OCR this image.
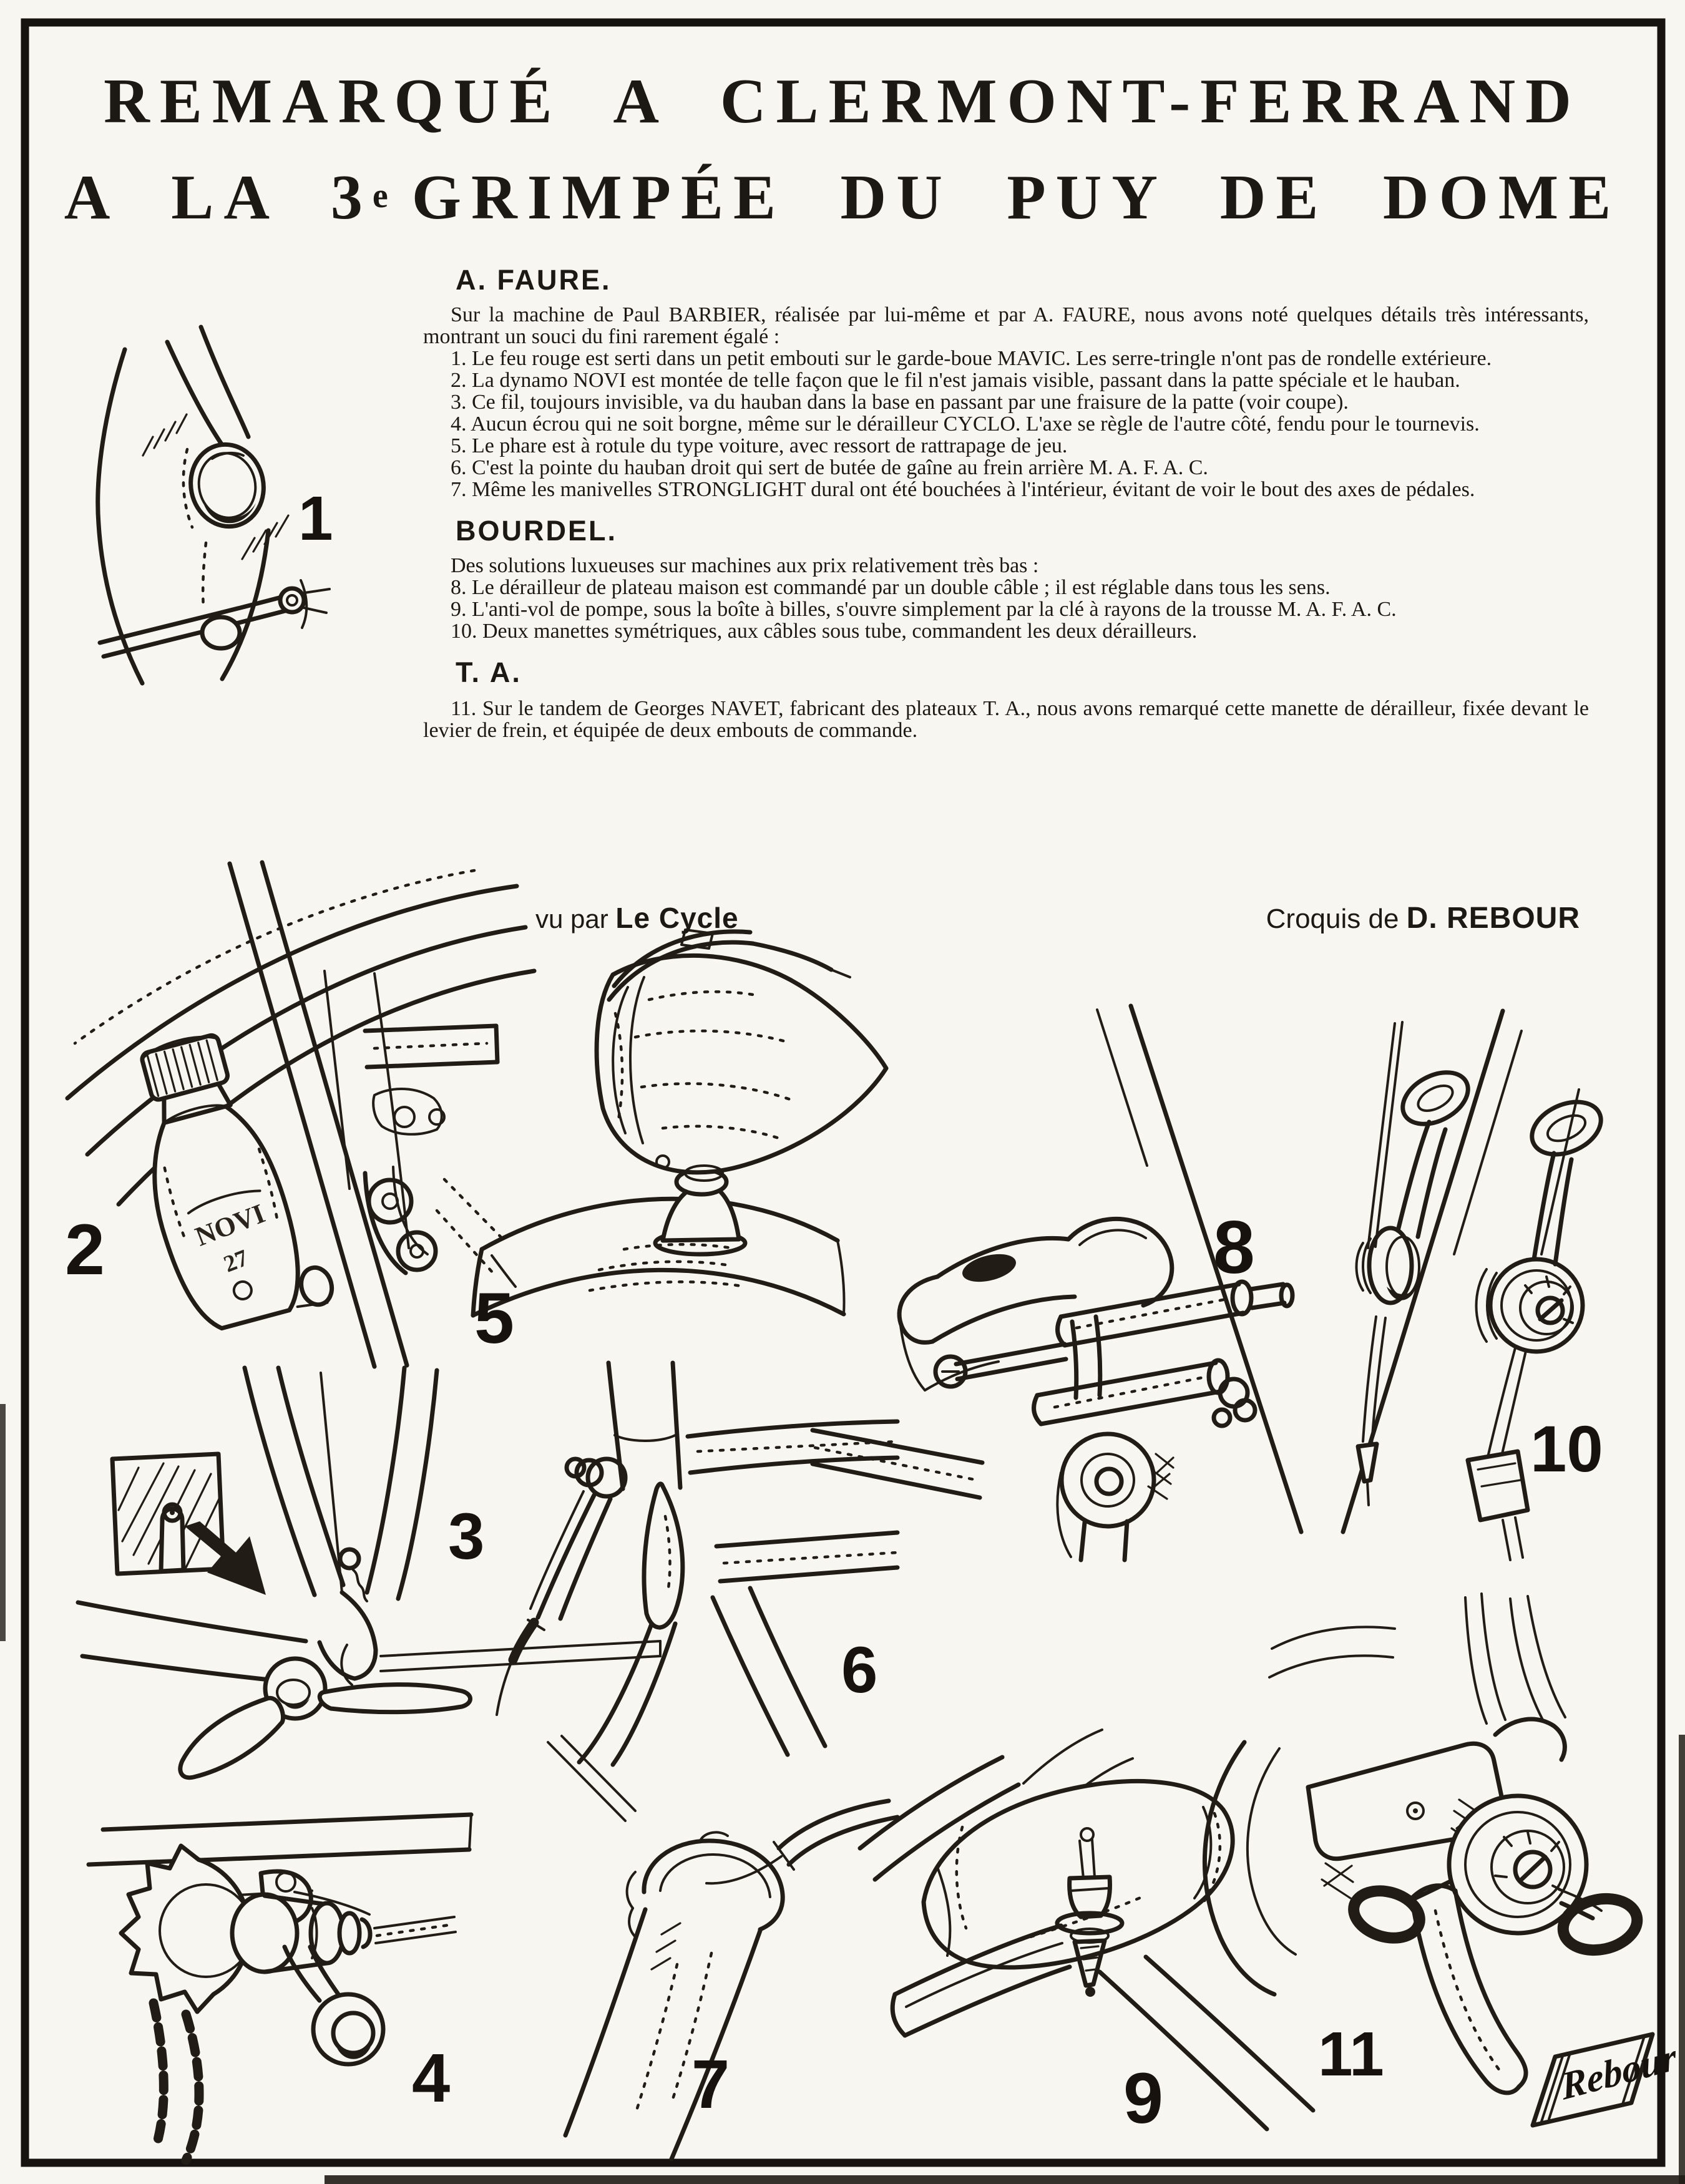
1
NOVI
27
2
5
8
10
3
6
4	7	9
11	Rebour
REMARQUÉ A CLERMONT-FERRAND
A LA 3e GRIMPÉE DU PUY DE DOME
A. FAURE.

Sur la machine de Paul BARBIER, réalisée par lui-même et par A. FAURE, nous avons noté quelques détails très intéressants, montrant un souci du fini rarement égalé :

1. Le feu rouge est serti dans un petit embouti sur le garde-boue MAVIC. Les serre-tringle n'ont pas de rondelle extérieure.

2. La dynamo NOVI est montée de telle façon que le fil n'est jamais visible, passant dans la patte spéciale et le hauban.

3. Ce fil, toujours invisible, va du hauban dans la base en passant par une fraisure de la patte (voir coupe).

4. Aucun écrou qui ne soit borgne, même sur le dérailleur CYCLO. L'axe se règle de l'autre côté, fendu pour le tournevis.

5. Le phare est à rotule du type voiture, avec ressort de rattrapage de jeu.

6. C'est la pointe du hauban droit qui sert de butée de gaîne au frein arrière M. A. F. A. C.

7. Même les manivelles STRONGLIGHT dural ont été bouchées à l'intérieur, évitant de voir le bout des axes de pédales.

BOURDEL.

Des solutions luxueuses sur machines aux prix relativement très bas :

8. Le dérailleur de plateau maison est commandé par un double câble ; il est réglable dans tous les sens.

9. L'anti-vol de pompe, sous la boîte à billes, s'ouvre simplement par la clé à rayons de la trousse M. A. F. A. C.

10. Deux manettes symétriques, aux câbles sous tube, commandent les deux dérailleurs.

T. A.

11. Sur le tandem de Georges NAVET, fabricant des plateaux T. A., nous avons remarqué cette manette de dérailleur, fixée devant le levier de frein, et équipée de deux embouts de commande.

vu par Le Cycle	Croquis de D. REBOUR
